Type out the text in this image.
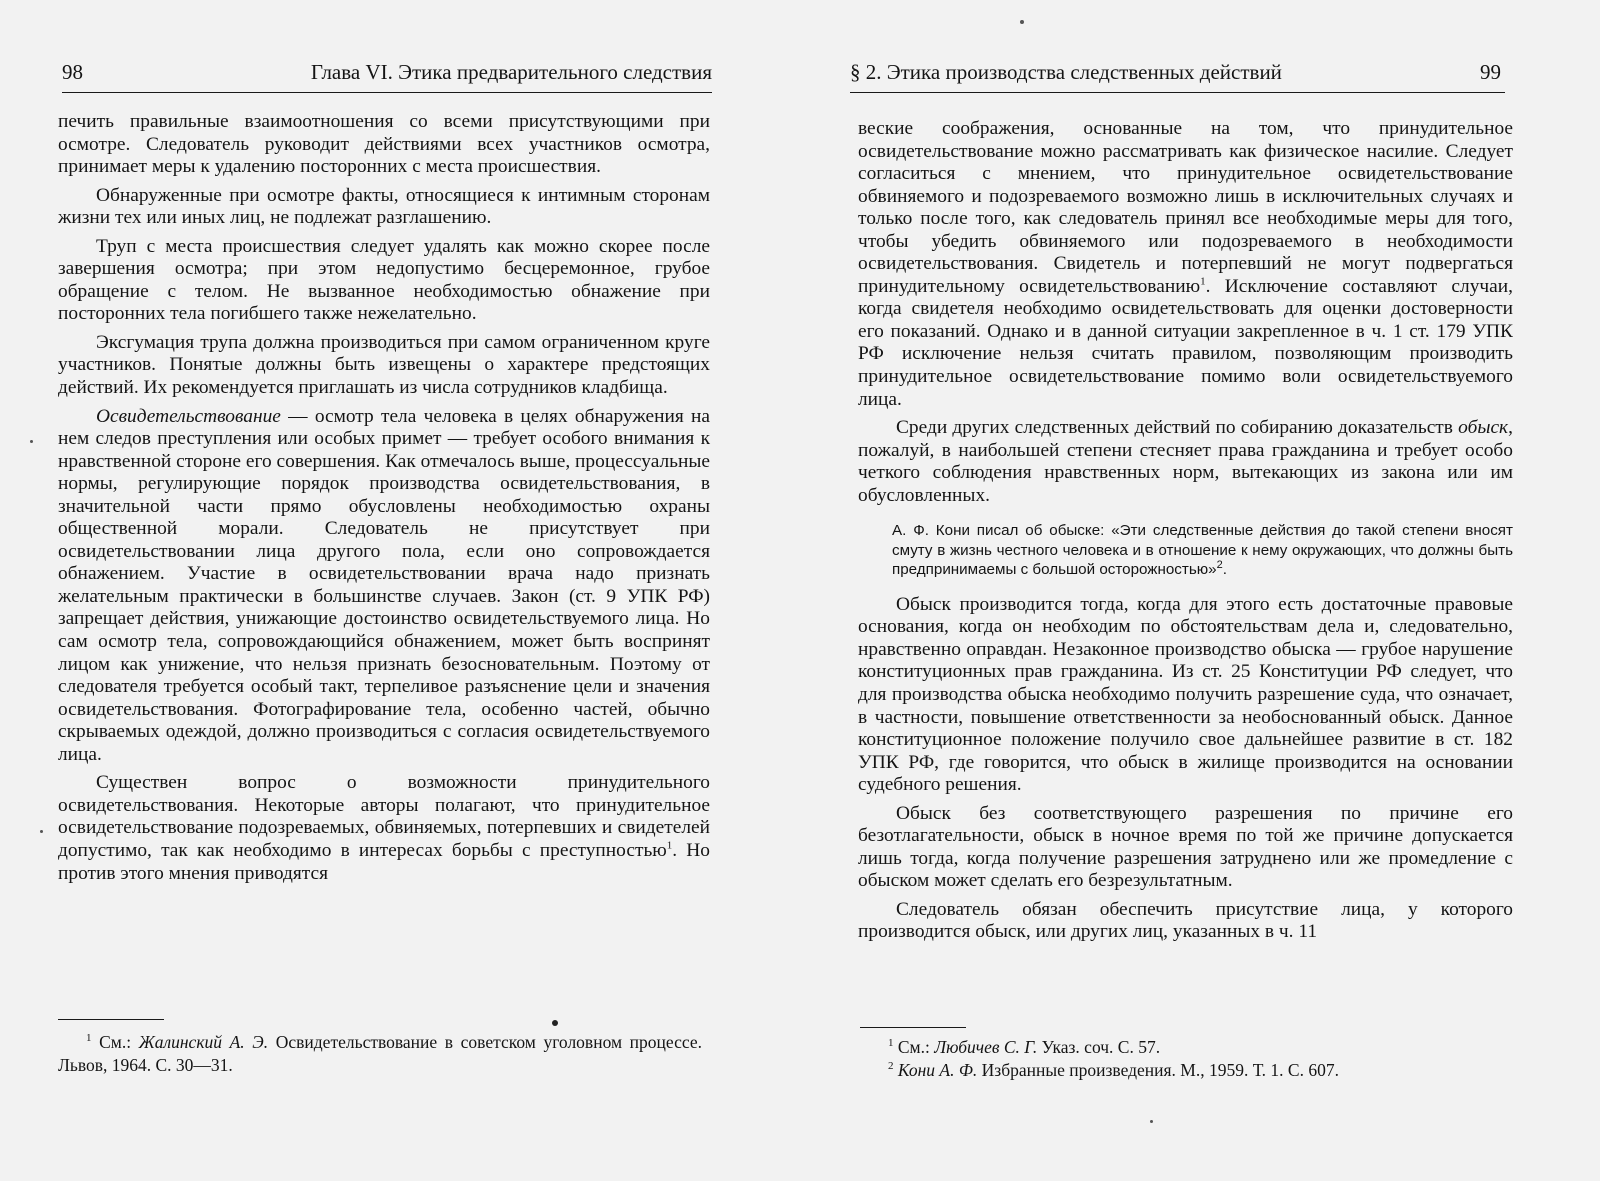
98	Глава VI. Этика предварительного следствия

печить правильные взаимоотношения со всеми присутствующими при осмотре. Следователь руководит действиями всех участников осмотра, принимает меры к удалению посторонних с места происшествия.

Обнаруженные при осмотре факты, относящиеся к интимным сторонам жизни тех или иных лиц, не подлежат разглашению.

Труп с места происшествия следует удалять как можно скорее после завершения осмотра; при этом недопустимо бесцеремонное, грубое обращение с телом. Не вызванное необходимостью обнажение при посторонних тела погибшего также нежелательно.

Эксгумация трупа должна производиться при самом ограниченном круге участников. Понятые должны быть извещены о характере предстоящих действий. Их рекомендуется приглашать из числа сотрудников кладбища.

Освидетельствование — осмотр тела человека в целях обнаружения на нем следов преступления или особых примет — требует особого внимания к нравственной стороне его совершения. Как отмечалось выше, процессуальные нормы, регулирующие порядок производства освидетельствования, в значительной части прямо обусловлены необходимостью охраны общественной морали. Следователь не присутствует при освидетельствовании лица другого пола, если оно сопровождается обнажением. Участие в освидетельствовании врача надо признать желательным практически в большинстве случаев. Закон (ст. 9 УПК РФ) запрещает действия, унижающие достоинство освидетельствуемого лица. Но сам осмотр тела, сопровождающийся обнажением, может быть воспринят лицом как унижение, что нельзя признать безосновательным. Поэтому от следователя требуется особый такт, терпеливое разъяснение цели и значения освидетельствования. Фотографирование тела, особенно частей, обычно скрываемых одеждой, должно производиться с согласия освидетельствуемого лица.

Существен вопрос о возможности принудительного освидетельствования. Некоторые авторы полагают, что принудительное освидетельствование подозреваемых, обвиняемых, потерпевших и свидетелей допустимо, так как необходимо в интересах борьбы с преступностью$^1$. Но против этого мнения приводятся

$^1$ См.: Жалинский А. Э. Освидетельствование в советском уголовном процессе. Львов, 1964. С. 30—31.

§ 2. Этика производства следственных действий	99

веские соображения, основанные на том, что принудительное освидетельствование можно рассматривать как физическое насилие. Следует согласиться с мнением, что принудительное освидетельствование обвиняемого и подозреваемого возможно лишь в исключительных случаях и только после того, как следователь принял все необходимые меры для того, чтобы убедить обвиняемого или подозреваемого в необходимости освидетельствования. Свидетель и потерпевший не могут подвергаться принудительному освидетельствованию$^1$. Исключение составляют случаи, когда свидетеля необходимо освидетельствовать для оценки достоверности его показаний. Однако и в данной ситуации закрепленное в ч. 1 ст. 179 УПК РФ исключение нельзя считать правилом, позволяющим производить принудительное освидетельствование помимо воли освидетельствуемого лица.

Среди других следственных действий по собиранию доказательств обыск, пожалуй, в наибольшей степени стесняет права гражданина и требует особо четкого соблюдения нравственных норм, вытекающих из закона или им обусловленных.

А. Ф. Кони писал об обыске: «Эти следственные действия до такой степени вносят смуту в жизнь честного человека и в отношение к нему окружающих, что должны быть предпринимаемы с большой осторожностью»$^2$.

Обыск производится тогда, когда для этого есть достаточные правовые основания, когда он необходим по обстоятельствам дела и, следовательно, нравственно оправдан. Незаконное производство обыска — грубое нарушение конституционных прав гражданина. Из ст. 25 Конституции РФ следует, что для производства обыска необходимо получить разрешение суда, что означает, в частности, повышение ответственности за необоснованный обыск. Данное конституционное положение получило свое дальнейшее развитие в ст. 182 УПК РФ, где говорится, что обыск в жилище производится на основании судебного решения.

Обыск без соответствующего разрешения по причине его безотлагательности, обыск в ночное время по той же причине допускается лишь тогда, когда получение разрешения затруднено или же промедление с обыском может сделать его безрезультатным.

Следователь обязан обеспечить присутствие лица, у которого производится обыск, или других лиц, указанных в ч. 11

$^1$ См.: Любичев С. Г. Указ. соч. С. 57.

$^2$ Кони А. Ф. Избранные произведения. М., 1959. Т. 1. С. 607.
